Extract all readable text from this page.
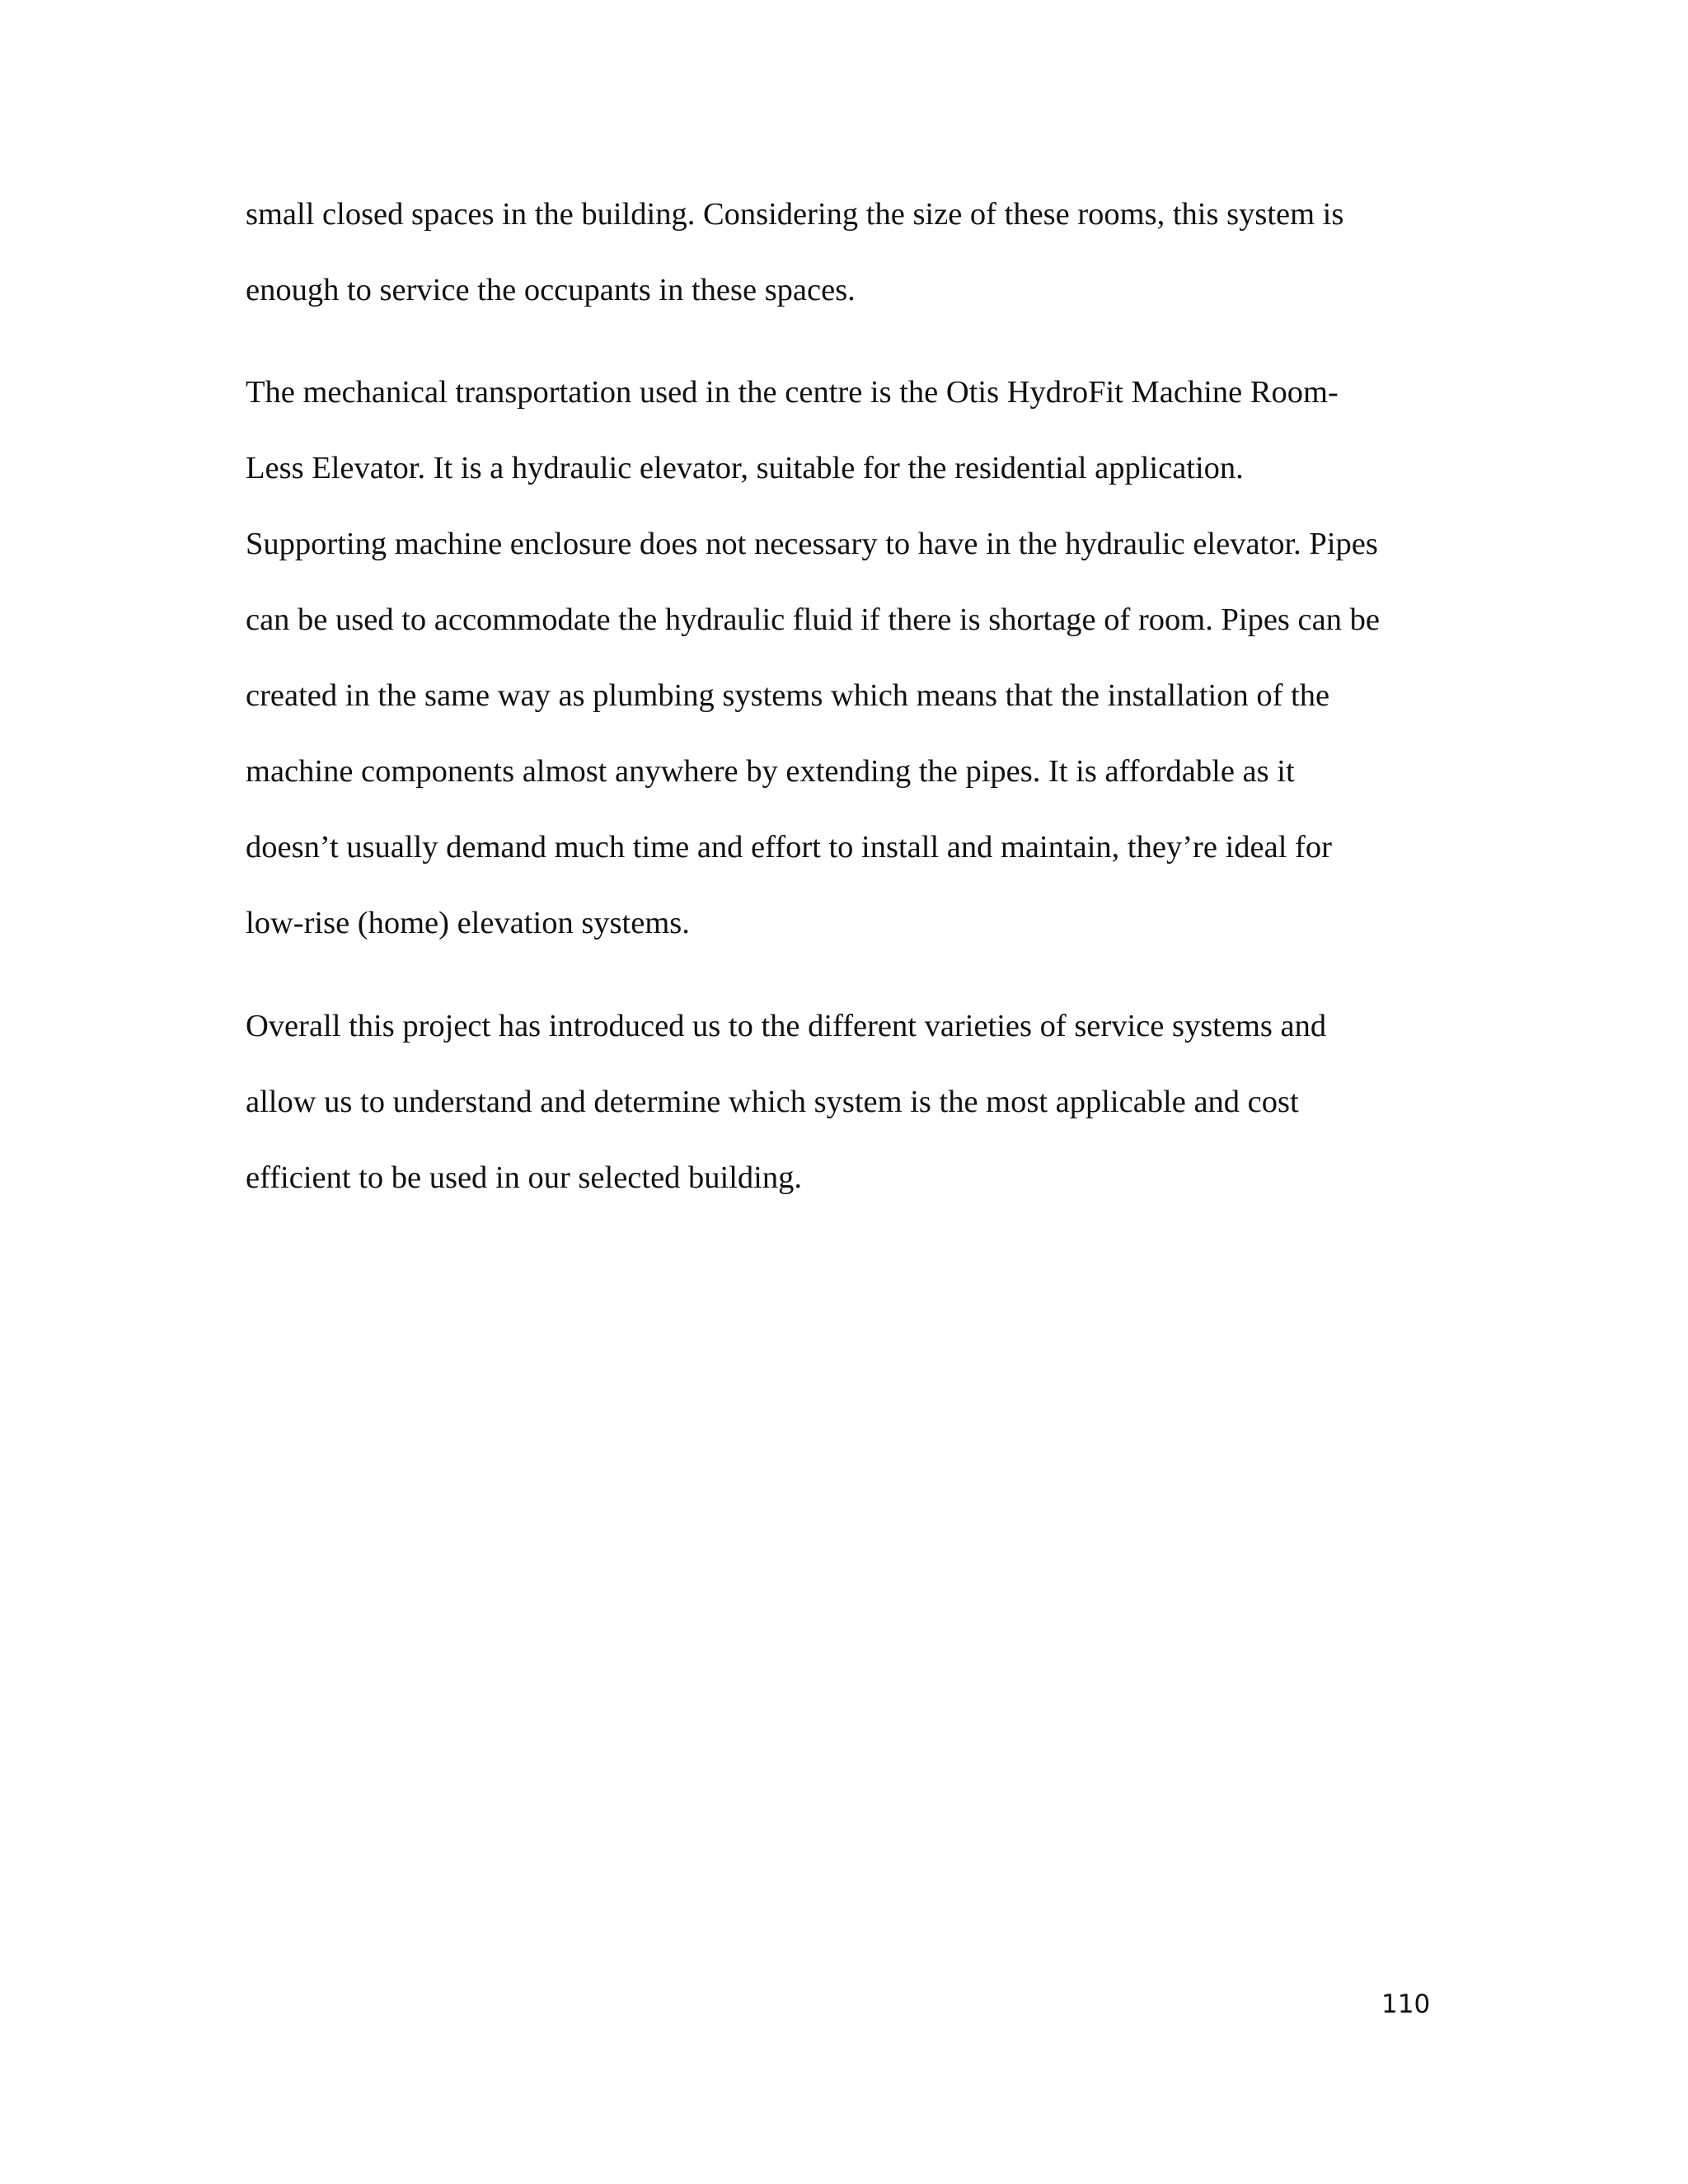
small closed spaces in the building. Considering the size of these rooms, this system is

enough to service the occupants in these spaces.

The mechanical transportation used in the centre is the Otis HydroFit Machine Room-

Less Elevator. It is a hydraulic elevator, suitable for the residential application.

Supporting machine enclosure does not necessary to have in the hydraulic elevator. Pipes

can be used to accommodate the hydraulic fluid if there is shortage of room. Pipes can be

created in the same way as plumbing systems which means that the installation of the

machine components almost anywhere by extending the pipes. It is affordable as it

doesn’t usually demand much time and effort to install and maintain, they’re ideal for

low-rise (home) elevation systems.

Overall this project has introduced us to the different varieties of service systems and

allow us to understand and determine which system is the most applicable and cost

efficient to be used in our selected building.

110
